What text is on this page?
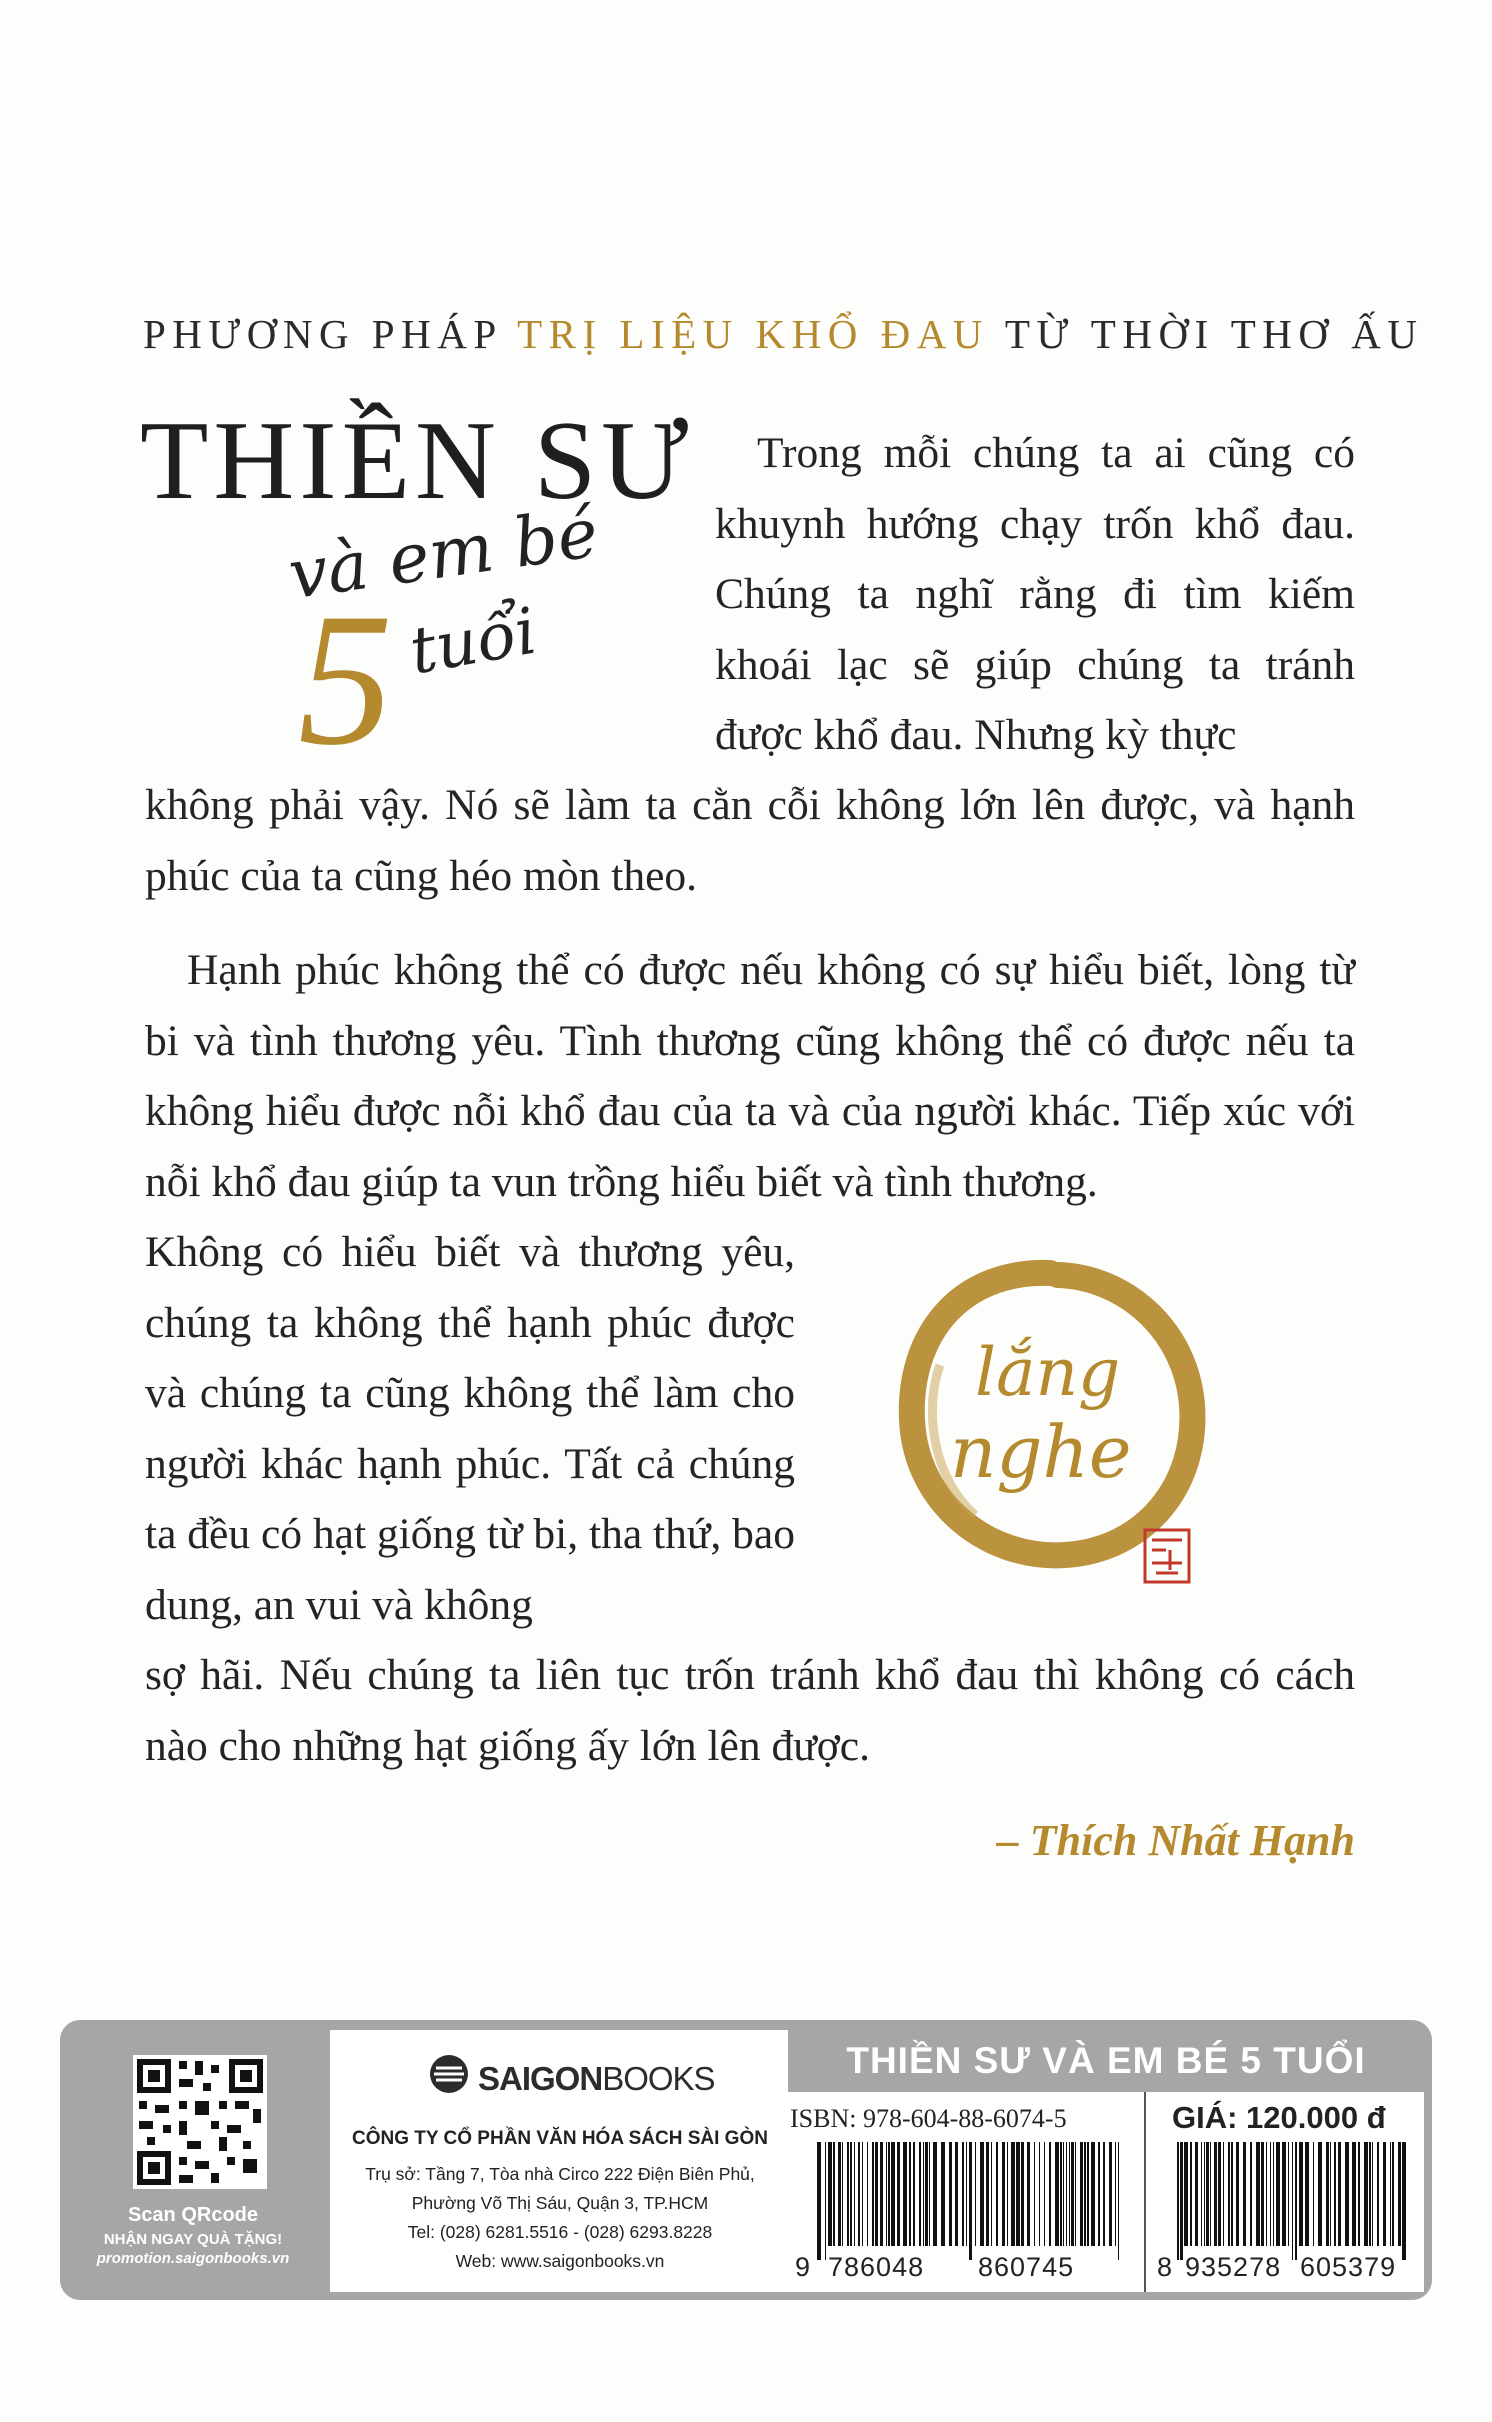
PHƯƠNG PHÁP TRỊ LIỆU KHỔ ĐAU TỪ THỜI THƠ ẤU
THIỀN SƯ
và em bé
5 tuổi
Trong mỗi chúng ta ai cũng có khuynh hướng chạy trốn khổ đau. Chúng ta nghĩ rằng đi tìm kiếm khoái lạc sẽ giúp chúng ta tránh được khổ đau. Nhưng kỳ thực
không phải vậy. Nó sẽ làm ta cằn cỗi không lớn lên được, và hạnh phúc của ta cũng héo mòn theo.
Hạnh phúc không thể có được nếu không có sự hiểu biết, lòng từ bi và tình thương yêu. Tình thương cũng không thể có được nếu ta không hiểu được nỗi khổ đau của ta và của người khác. Tiếp xúc với nỗi khổ đau giúp ta vun trồng hiểu biết và tình thương.
Không có hiểu biết và thương yêu, chúng ta không thể hạnh phúc được và chúng ta cũng không thể làm cho người khác hạnh phúc. Tất cả chúng ta đều có hạt giống từ bi, tha thứ, bao dung, an vui và không
sợ hãi. Nếu chúng ta liên tục trốn tránh khổ đau thì không có cách nào cho những hạt giống ấy lớn lên được.
lắng
nghe
– Thích Nhất Hạnh
Scan QRcode
NHẬN NGAY QUÀ TẶNG!
promotion.saigonbooks.vn
SAIGONBOOKS
CÔNG TY CỔ PHẦN VĂN HÓA SÁCH SÀI GÒN
Trụ sở: Tầng 7, Tòa nhà Circo 222 Điện Biên Phủ,
Phường Võ Thị Sáu, Quận 3, TP.HCM
Tel: (028) 6281.5516 - (028) 6293.8228
Web: www.saigonbooks.vn
THIỀN SƯ VÀ EM BÉ 5 TUỔI
ISBN: 978-604-88-6074-5	GIÁ: 120.000 đ
9 786048 860745	8 935278 605379
